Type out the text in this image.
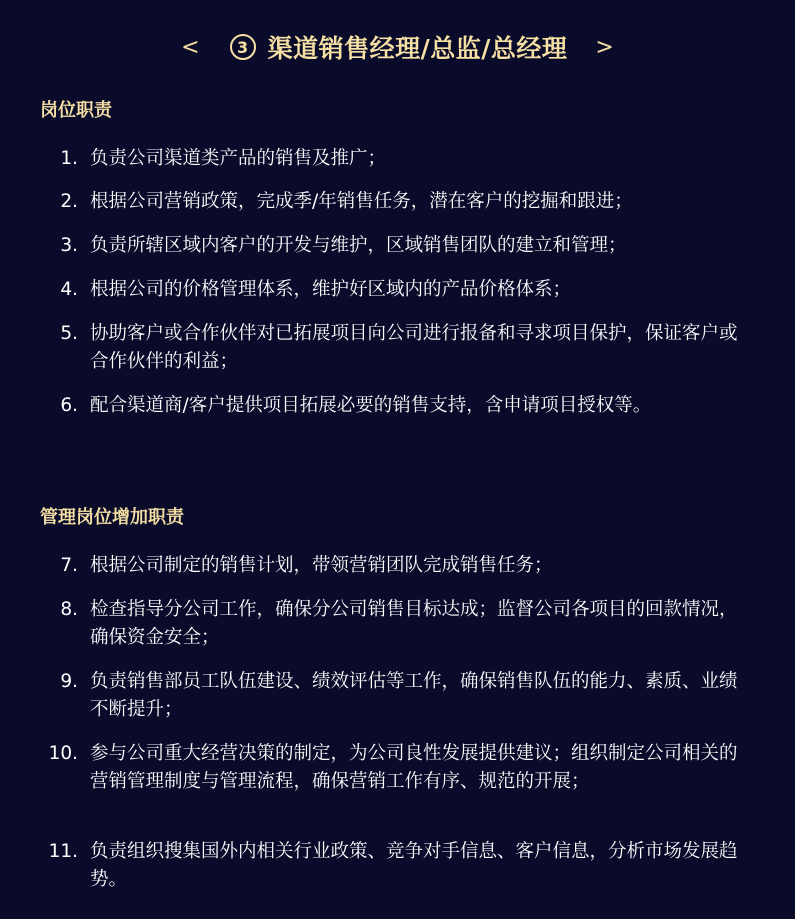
<	3 渠道销售经理/总监/总经理	>
岗位职责
1. 负责公司渠道类产品的销售及推广；
2. 根据公司营销政策，完成季/年销售任务，潜在客户的挖掘和跟进；
3. 负责所辖区域内客户的开发与维护，区域销售团队的建立和管理；
4. 根据公司的价格管理体系，维护好区域内的产品价格体系；
5. 协助客户或合作伙伴对已拓展项目向公司进行报备和寻求项目保护，保证客户或合作伙伴的利益；
6. 配合渠道商/客户提供项目拓展必要的销售支持，含申请项目授权等。
管理岗位增加职责
7. 根据公司制定的销售计划，带领营销团队完成销售任务；
8. 检查指导分公司工作，确保分公司销售目标达成；监督公司各项目的回款情况，确保资金安全；
9. 负责销售部员工队伍建设、绩效评估等工作，确保销售队伍的能力、素质、业绩不断提升；
10. 参与公司重大经营决策的制定，为公司良性发展提供建议；组织制定公司相关的营销管理制度与管理流程，确保营销工作有序、规范的开展；
11. 负责组织搜集国外内相关行业政策、竞争对手信息、客户信息，分析市场发展趋势。
